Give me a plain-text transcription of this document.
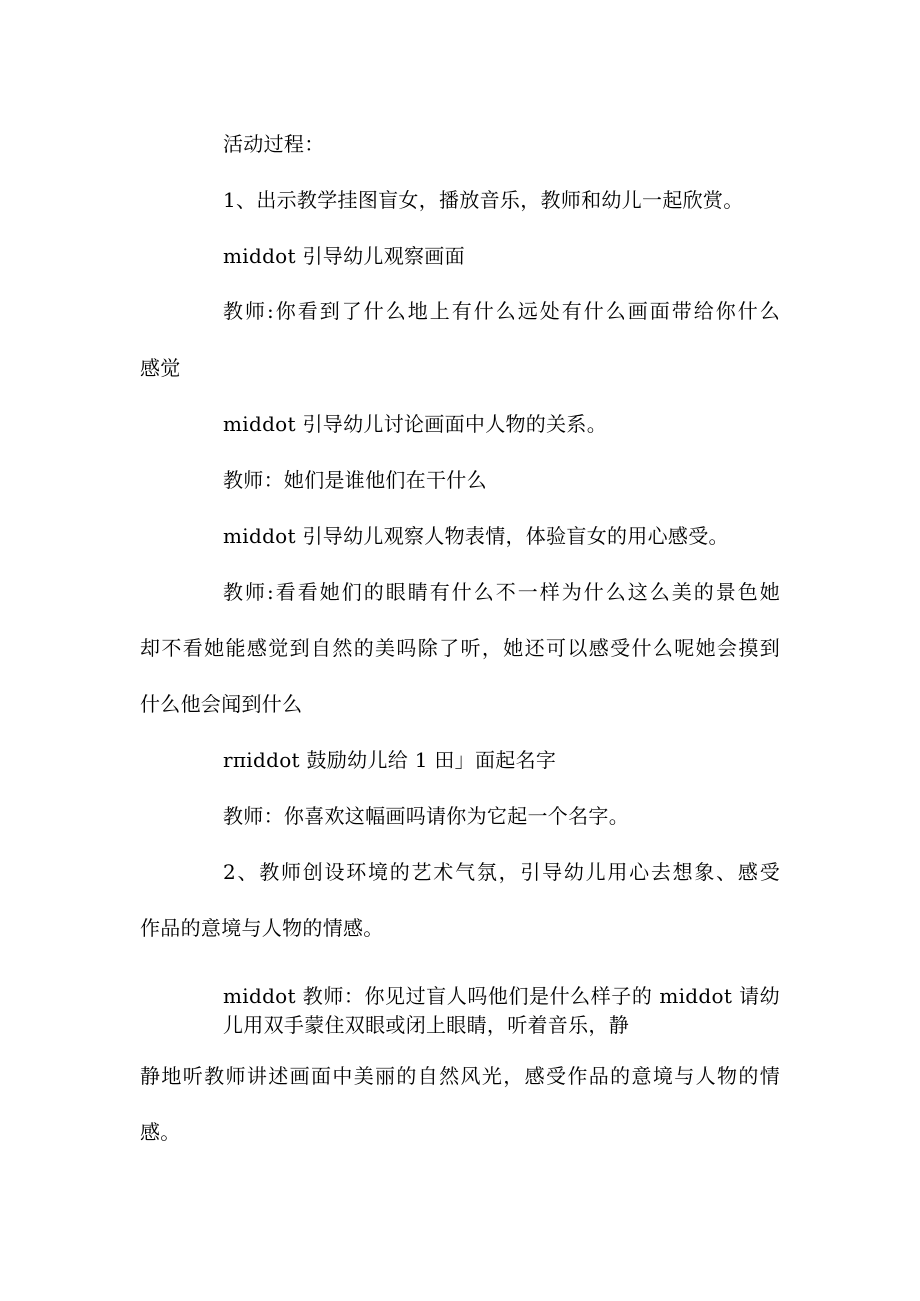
活动过程：
1、出示教学挂图盲女，播放音乐，教师和幼儿一起欣赏。
middot 引导幼儿观察画面
教师:你看到了什么地上有什么远处有什么画面带给你什么
感觉
middot 引导幼儿讨论画面中人物的关系。
教师：她们是谁他们在干什么
middot 引导幼儿观察人物表情，体验盲女的用心感受。
教师:看看她们的眼睛有什么不一样为什么这么美的景色她
却不看她能感觉到自然的美吗除了听，她还可以感受什么呢她会摸到
什么他会闻到什么
rπiddot 鼓励幼儿给 1 田」面起名字
教师：你喜欢这幅画吗请你为它起一个名字。
2、教师创设环境的艺术气氛，引导幼儿用心去想象、感受
作品的意境与人物的情感。
middot 教师：你见过盲人吗他们是什么样子的 middot 请幼
儿用双手蒙住双眼或闭上眼睛，听着音乐，静
静地听教师讲述画面中美丽的自然风光，感受作品的意境与人物的情
感。
